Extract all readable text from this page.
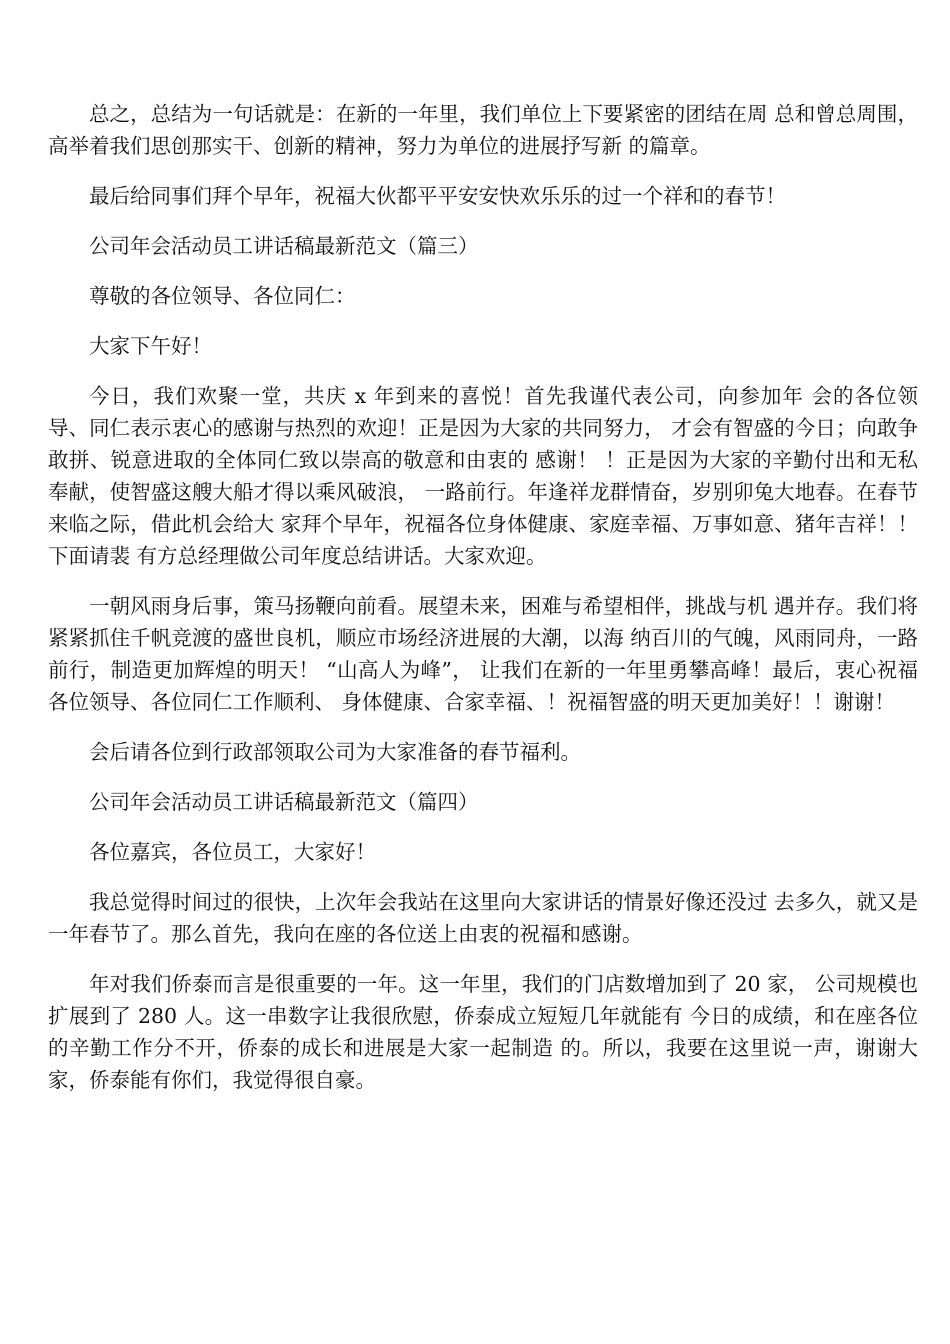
总之，总结为一句话就是：在新的一年里，我们单位上下要紧密的团结在周 总和曾总周围，高举着我们思创那实干、创新的精神，努力为单位的进展抒写新 的篇章。

最后给同事们拜个早年，祝福大伙都平平安安快欢乐乐的过一个祥和的春节！

公司年会活动员工讲话稿最新范文（篇三）

尊敬的各位领导、各位同仁：

大家下午好！

今日，我们欢聚一堂，共庆 x 年到来的喜悦！首先我谨代表公司，向参加年 会的各位领导、同仁表示衷心的感谢与热烈的欢迎！正是因为大家的共同努力， 才会有智盛的今日；向敢争敢拼、锐意进取的全体同仁致以崇高的敬意和由衷的 感谢！ ！正是因为大家的辛勤付出和无私奉献，使智盛这艘大船才得以乘风破浪， 一路前行。年逢祥龙群情奋，岁别卯兔大地春。在春节来临之际，借此机会给大 家拜个早年，祝福各位身体健康、家庭幸福、万事如意、猪年吉祥！！下面请裴 有方总经理做公司年度总结讲话。大家欢迎。

一朝风雨身后事，策马扬鞭向前看。展望未来，困难与希望相伴，挑战与机 遇并存。我们将紧紧抓住千帆竞渡的盛世良机，顺应市场经济进展的大潮，以海 纳百川的气魄，风雨同舟，一路前行，制造更加辉煌的明天！ “山高人为峰”， 让我们在新的一年里勇攀高峰！最后，衷心祝福各位领导、各位同仁工作顺利、 身体健康、合家幸福、！祝福智盛的明天更加美好！！谢谢！

会后请各位到行政部领取公司为大家准备的春节福利。

公司年会活动员工讲话稿最新范文（篇四）

各位嘉宾，各位员工，大家好！

我总觉得时间过的很快，上次年会我站在这里向大家讲话的情景好像还没过 去多久，就又是一年春节了。那么首先，我向在座的各位送上由衷的祝福和感谢。

年对我们侨泰而言是很重要的一年。这一年里，我们的门店数增加到了 20 家， 公司规模也扩展到了 280 人。这一串数字让我很欣慰，侨泰成立短短几年就能有 今日的成绩，和在座各位的辛勤工作分不开，侨泰的成长和进展是大家一起制造 的。所以，我要在这里说一声，谢谢大家，侨泰能有你们，我觉得很自豪。
